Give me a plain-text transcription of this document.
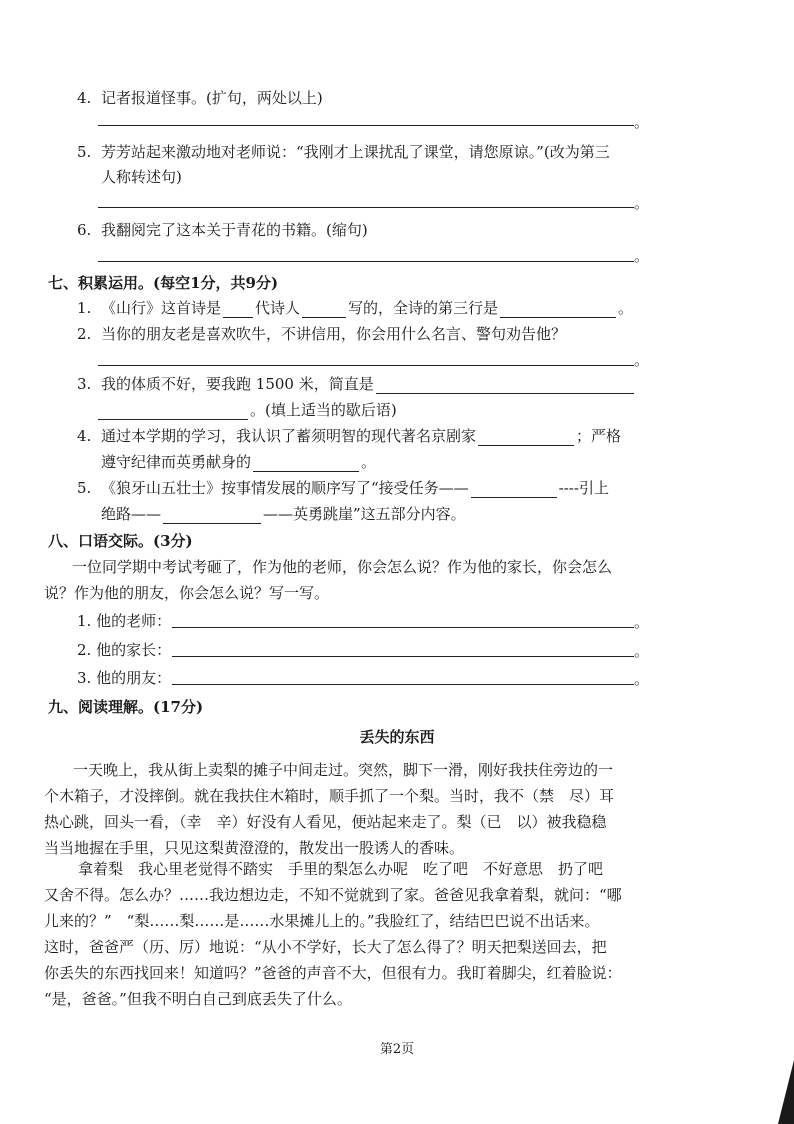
4. 记者报道怪事。(扩句，两处以上)
。
5. 芳芳站起来激动地对老师说：“我刚才上课扰乱了课堂，请您原谅。”(改为第三
人称转述句)
。
6. 我翻阅完了这本关于青花的书籍。(缩句)
。
七、积累运用。(每空1分，共9分)
1. 《山行》这首诗是 代诗人	写的，全诗的第三行是	。
2. 当你的朋友老是喜欢吹牛，不讲信用，你会用什么名言、警句劝告他？
。
3. 我的体质不好，要我跑 1500 米，简直是
。(填上适当的歇后语)
4. 通过本学期的学习，我认识了蓄须明智的现代著名京剧家	；严格
遵守纪律而英勇献身的	。
5. 《狼牙山五壮士》按事情发展的顺序写了“接受任务——	----引上
绝路——	——英勇跳崖”这五部分内容。
八、口语交际。(3分)
一位同学期中考试考砸了，作为他的老师，你会怎么说？作为他的家长，你会怎么
说？作为他的朋友，你会怎么说？写一写。
1. 他的老师：	。
2. 他的家长：	。
3. 他的朋友：	。
九、阅读理解。(17分)
丢失的东西
一天晚上，我从街上卖梨的摊子中间走过。突然，脚下一滑，刚好我扶住旁边的一
个木箱子，才没摔倒。就在我扶住木箱时，顺手抓了一个梨。当时，我不（禁　尽）耳
热心跳，回头一看，（幸　辛）好没有人看见，便站起来走了。梨（已　以）被我稳稳
当当地握在手里，只见这梨黄澄澄的，散发出一股诱人的香味。
拿着梨　我心里老觉得不踏实　手里的梨怎么办呢　吃了吧　不好意思　扔了吧
又舍不得。怎么办？……我边想边走，不知不觉就到了家。爸爸见我拿着梨，就问：“哪
儿来的？”　“梨……梨……是……水果摊儿上的。”我脸红了，结结巴巴说不出话来。
这时，爸爸严（历、厉）地说：“从小不学好，长大了怎么得了？明天把梨送回去，把
你丢失的东西找回来！知道吗？”爸爸的声音不大，但很有力。我盯着脚尖，红着脸说：
“是，爸爸。”但我不明白自己到底丢失了什么。
第2页
